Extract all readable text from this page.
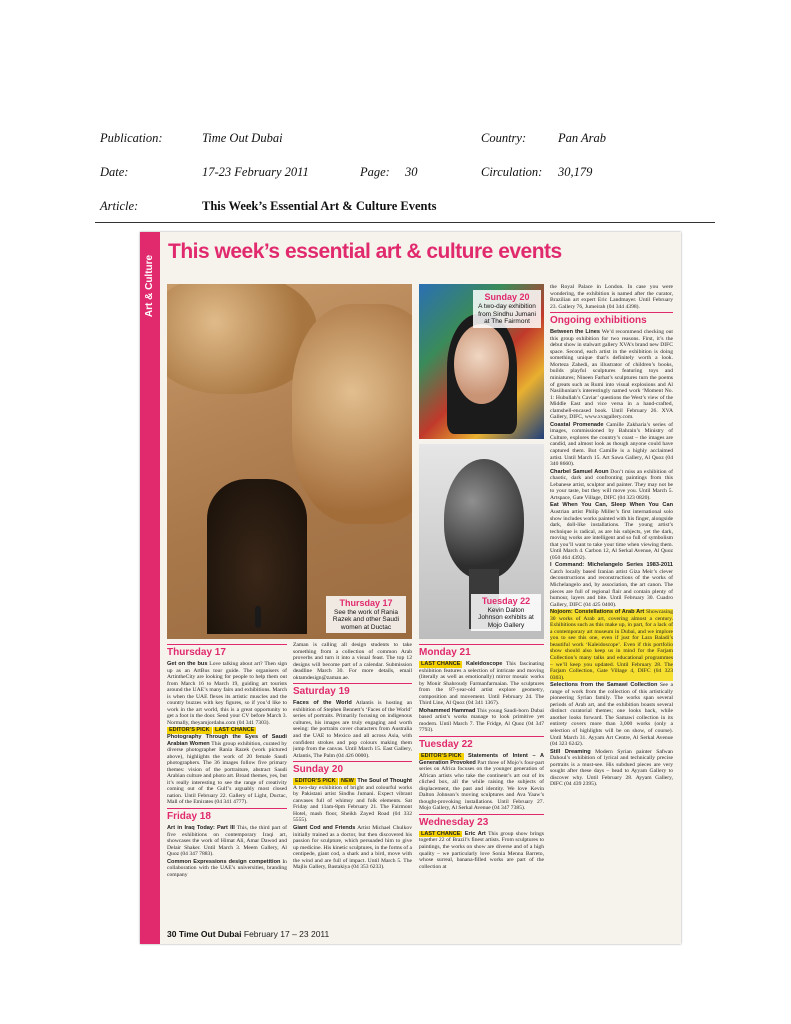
Publication:	Time Out Dubai	Country:	Pan Arab
Date:	17-23 February 2011	Page: 30	Circulation: 30,179
Article:	This Week’s Essential Art & Culture Events
Art & Culture
This week’s essential art & culture events
Thursday 17
See the work of Rania Razek and other Saudi women at Ductac
Sunday 20
A two-day exhibition from Sindhu Jumani at The Fairmont
Tuesday 22
Kevin Dalton Johnson exhibits at Mojo Gallery
Thursday 17

Get on the bus Love talking about art? Then sign up as an ArtBus tour guide. The organisers of ArtintheCity are looking for people to help them out from March 16 to March 19, guiding art tourists around the UAE’s many fairs and exhibitions. March is when the UAE flexes its artistic muscles and the country buzzes with key figures, so if you’d like to work in the art world, this is a great opportunity to get a foot in the door. Send your CV before March 3. Normally, theyamjordahu.com (04 341 7303).

EDITOR’S PICK LAST CHANCE
Photography Through the Eyes of Saudi Arabian Women This group exhibition, curated by diverse photographer Rania Razek (work pictured above), highlights the work of 20 female Saudi photographers. The 36 images follow five primary themes: vision of the portraiture, abstract Saudi Arabian culture and photo art. Broad themes, yes, but it’s really interesting to see the range of creativity coming out of the Gulf’s arguably most closed nation. Until February 22. Gallery of Light, Ductac, Mall of the Emirates (04 341 4777).

Friday 18

Art in Iraq Today: Part III This, the third part of five exhibitions on contemporary Iraqi art, showcases the work of Himat Ali, Amar Dawod and Delair Shaker. Until March 3. Meem Gallery, Al Quoz (04 347 7883).

Common Expressions design competition In collaboration with the UAE’s universities, branding company

Zaman is calling all design students to take something from a collection of common Arab proverbs and turn it into a visual feast. The top 12 designs will become part of a calendar. Submission deadline March 30. For more details, email oktamdesign@zaman.ae.

Saturday 19

Faces of the World Atlantis is hosting an exhibition of Stephen Bennett’s ‘Faces of the World’ series of portraits. Primarily focusing on indigenous cultures, his images are truly engaging and worth seeing: the portraits cover characters from Australia and the UAE to Mexico and all across Asia, with confident strokes and pop colours making them jump from the canvas. Until March 15. East Gallery, Atlantis, The Palm (04 426 0000).

Sunday 20

EDITOR’S PICK NEW The Soul of Thought A two-day exhibition of bright and colourful works by Pakistani artist Sindhu Jumani. Expect vibrant canvases full of whimsy and folk elements. Sat Friday and 11am-8pm February 21. The Fairmont Hotel, mash floor, Sheikh Zayed Road (04 332 5555).

Giant Cod and Friends Artist Michael Chulkov initially trained as a doctor, but then discovered his passion for sculpture, which persuaded him to give up medicine. His kinetic sculptures, in the forms of a centipede, giant cod, a shark and a bird, move with the wind and are full of impact. Until March 5. The Majlis Gallery, Bastakiya (04 353 6233).

Monday 21

LAST CHANCE Kaleidoscope This fascinating exhibition features a selection of intricate and moving (literally as well as emotionally) mirror mosaic works by Monir Shahroudy Farmanfarmaian. The sculptures from the 87-year-old artist explore geometry, composition and movement. Until February 24. The Third Line, Al Quoz (04 341 1367).

Mohammed Hammad This young Saudi-born Dubai based artist’s works manage to look primitive yet modern. Until March 7. The Fridge, Al Quoz (04 347 7793).

Tuesday 22

EDITOR’S PICK Statements of Intent – A Generation Provoked Part three of Mojo’s four-part series on Africa focuses on the younger generation of African artists who take the continent’s art out of its cliched box, all the while raising the subjects of displacement, the past and identity. We love Kevin Dalton Johnson’s moving sculptures and Ava Yaaw’s thought-provoking installations. Until February 27. Mojo Gallery, Al Serkal Avenue (04 347 7385).

Wednesday 23

LAST CHANCE Eric Art This group show brings together 22 of Brazil’s finest artists. From sculptures to paintings, the works on show are diverse and of a high quality – we particularly love Sonia Menna Barreto, whose surreal, banana-filled works are part of the collection at

the Royal Palace in London. In case you were wondering, the exhibition is named after the curator, Brazilian art expert Eric Landmayer. Until February 23. Gallery 76, Jumeirah (04 344 4398).

Ongoing exhibitions

Between the Lines We’d recommend checking out this group exhibition for two reasons. First, it’s the debut show in stalwart gallery XVA’s brand new DIFC space. Second, each artist in the exhibition is doing something unique that’s definitely worth a look. Morteza Zahedi, an illustrator of children’s books, builds playful sculptures featuring toys and miniatures; Nineen Farhat’s sculptures turn the poems of greats such as Rumi into visual explosions and Al Nasiihunian’s interestingly named work ‘Moment No. 1: Hubullah’s Caviar’ questions the West’s view of the Middle East and vice versa in a hand-crafted, clamshell-encased book. Until February 26. XVA Gallery, DIFC, www.xvagallery.com.

Coastal Promenade Camille Zakharia’s series of images, commissioned by Bahrain’s Ministry of Culture, explores the country’s coast – the images are candid, and almost look as though anyone could have captured them. But Camille is a highly acclaimed artist. Until March 15. Art Sawa Gallery, Al Quoz (04 340 8660).

Charbel Samuel Aoun Don’t miss an exhibition of chaotic, dark and confronting paintings from this Lebanese artist, sculptor and painter. They may not be to your taste, but they will move you. Until March 5. Artspace, Gate Village, DIFC (04 323 0820).

Eat When You Can, Sleep When You Can Austrian artist Philip Miller’s first international solo show includes works painted with his finger, alongside dark, doll-like installations. The young artist’s technique is radical, as are his subjects, yet the dark, moving works are intelligent and so full of symbolism that you’ll want to take your time when viewing them. Until March 4. Carbon 12, Al Serkal Avenue, Al Quoz (050 464 4392).

I Command: Michelangelo Series 1983-2011 Catch locally based Iranian artist Giza Meir’s clever deconstructions and reconstructions of the works of Michelangelo and, by association, the art canon. The pieces are full of regional flair and contain plenty of humour, layers and bite. Until February 30. Cuadro Gallery, DIFC (04 425 0400).

Nojoom: Constellations of Arab Art Showcasing 30 works of Arab art, covering almost a century. Exhibitions such as this make up, in part, for a lack of a contemporary art museum in Dubai, and we implore you to see this one, even if just for Lara Baladi’s beautiful work ‘Kaleidoscope’. Even if this portfolio show should also keep us in mind for the Farjam Collection’s many talks and educational programmes – we’ll keep you updated. Until February 28. The Farjam Collection, Gate Village 4, DIFC (04 323 0303).

Selections from the Samawi Collection See a range of work from the collection of this artistically pioneering Syrian family. The works span several periods of Arab art, and the exhibition boasts several distinct curatorial themes; one looks back, while another looks forward. The Samawi collection in its entirety covers more than 3,000 works (only a selection of highlights will be on show, of course). Until March 31. Ayyam Art Centre, Al Serkal Avenue (04 323 6242).

Still Dreaming Modern Syrian painter Safwan Dahoul’s exhibition of lyrical and technically precise portraits is a must-see. His subdued pieces are very sought after these days – head to Ayyam Gallery to discover why. Until February 28. Ayyam Gallery, DIFC (04 439 2395).

30 Time Out Dubai February 17 – 23 2011
